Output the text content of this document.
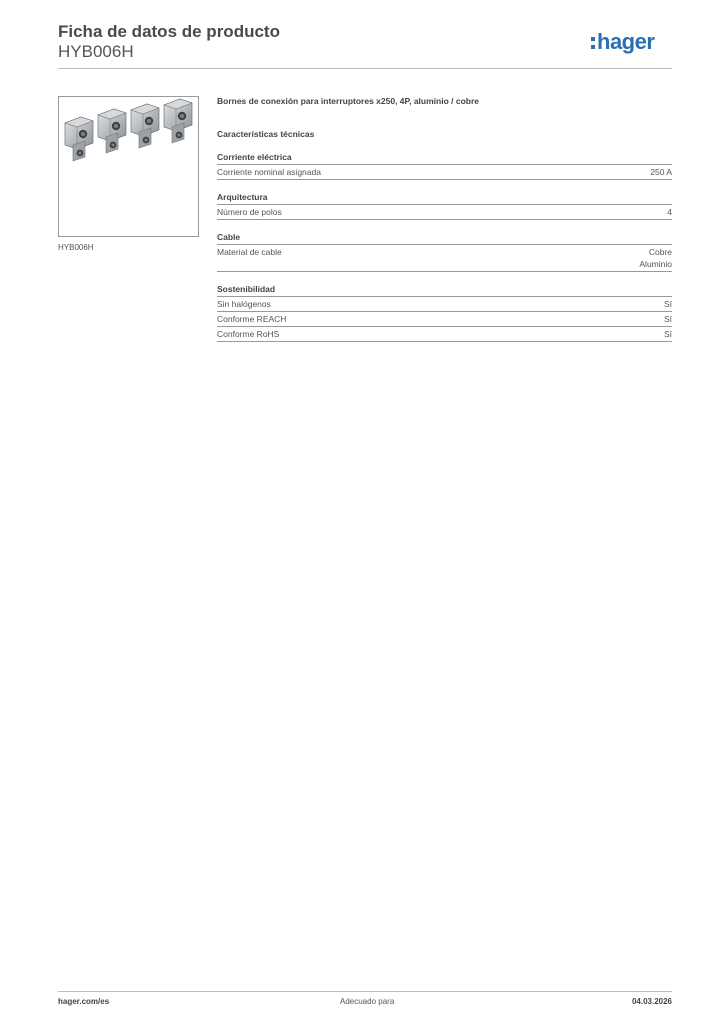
Ficha de datos de producto

HYB006H	hager
HYB006H

Bornes de conexión para interruptores x250, 4P, aluminio / cobre

Características técnicas

Corriente eléctrica
Corriente nominal asignada	250 A
Arquitectura
Número de polos	4
Cable
Material de cable	Cobre
Aluminio
Sostenibilidad
Sin halógenos	Sí
Conforme REACH	Sí
Conforme RoHS	Sí
hager.com/es	Adecuado para	04.03.2026
